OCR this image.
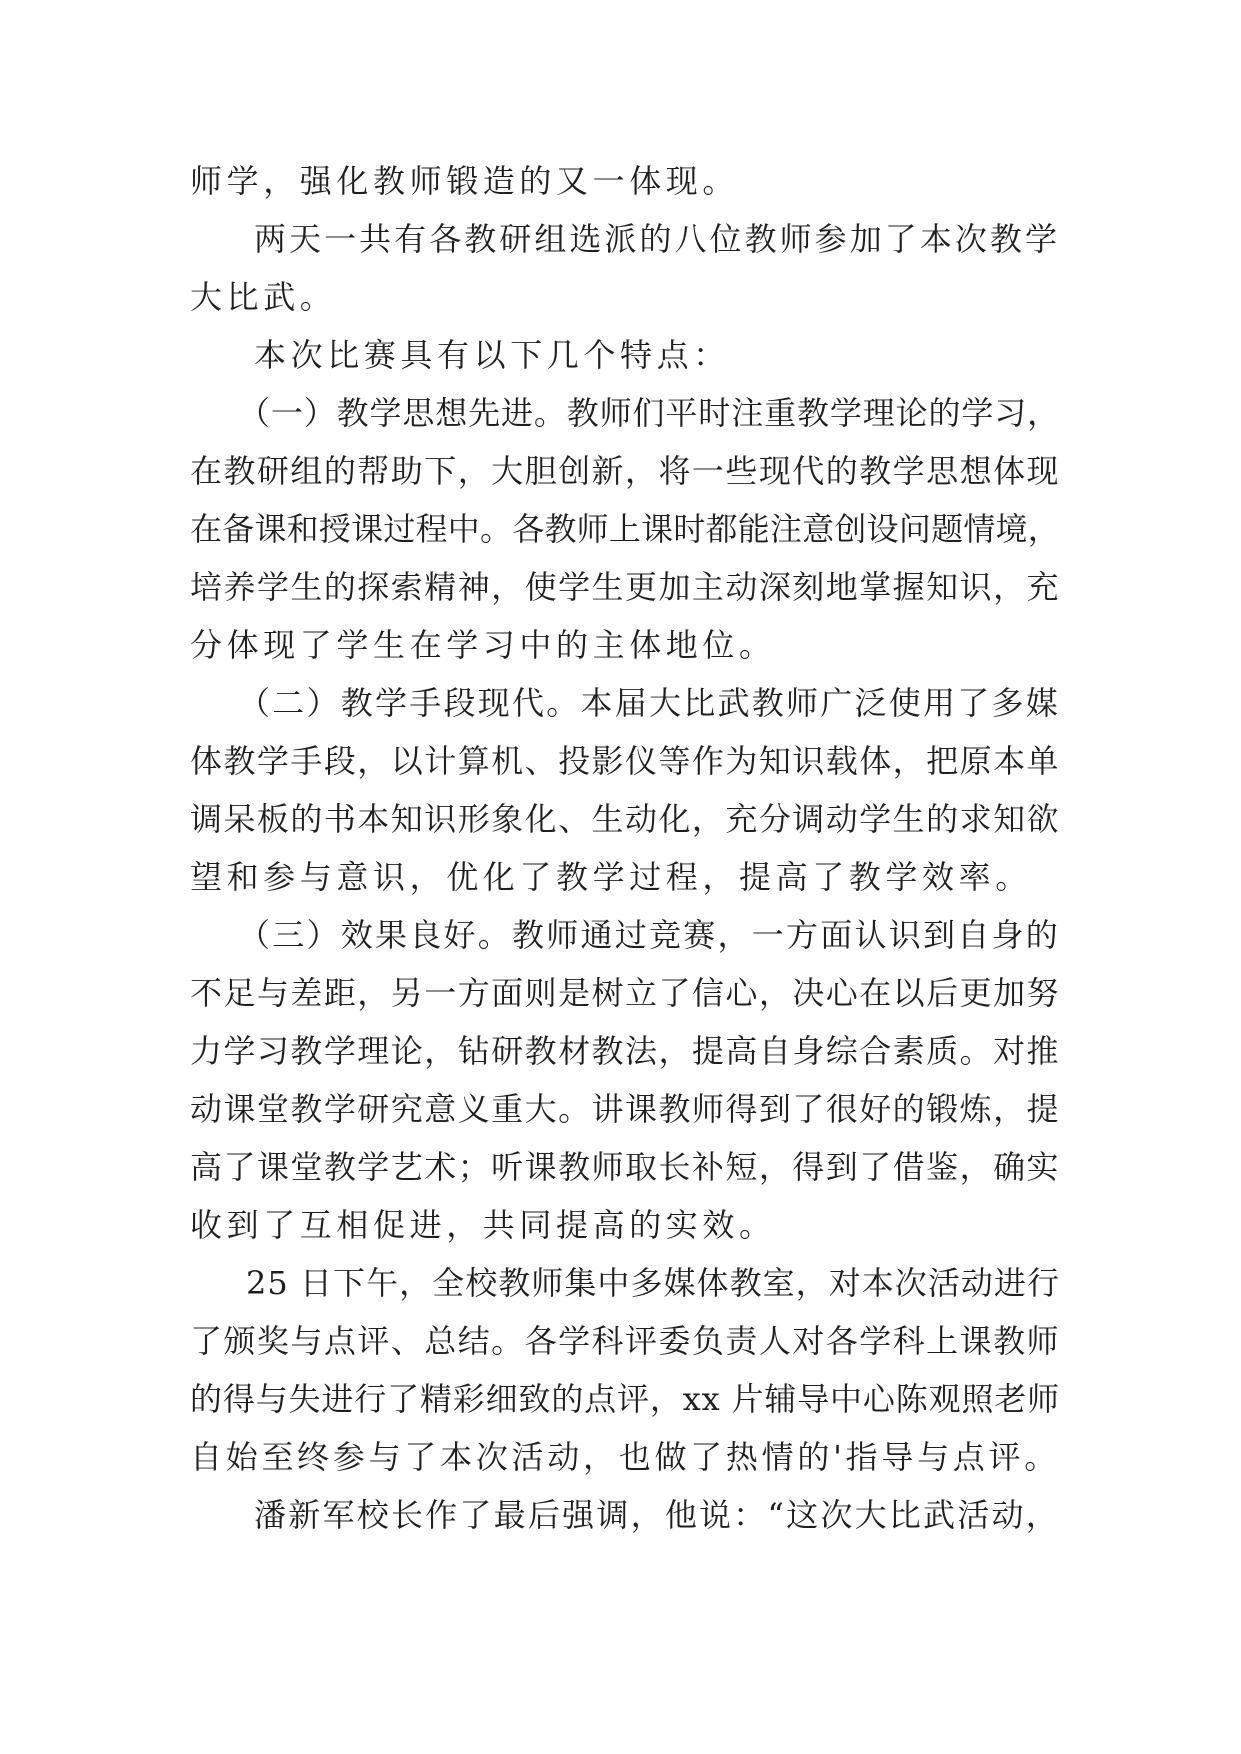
师学，强化教师锻造的又一体现。
两天一共有各教研组选派的八位教师参加了本次教学
大比武。
本次比赛具有以下几个特点：
（一）教学思想先进。教师们平时注重教学理论的学习，
在教研组的帮助下，大胆创新，将一些现代的教学思想体现
在备课和授课过程中。各教师上课时都能注意创设问题情境，
培养学生的探索精神，使学生更加主动深刻地掌握知识，充
分体现了学生在学习中的主体地位。
（二）教学手段现代。本届大比武教师广泛使用了多媒
体教学手段，以计算机、投影仪等作为知识载体，把原本单
调呆板的书本知识形象化、生动化，充分调动学生的求知欲
望和参与意识，优化了教学过程，提高了教学效率。
（三）效果良好。教师通过竞赛，一方面认识到自身的
不足与差距，另一方面则是树立了信心，决心在以后更加努
力学习教学理论，钻研教材教法，提高自身综合素质。对推
动课堂教学研究意义重大。讲课教师得到了很好的锻炼，提
高了课堂教学艺术；听课教师取长补短，得到了借鉴，确实
收到了互相促进，共同提高的实效。
25 日下午，全校教师集中多媒体教室，对本次活动进行
了颁奖与点评、总结。各学科评委负责人对各学科上课教师
的得与失进行了精彩细致的点评，xx 片辅导中心陈观照老师
自始至终参与了本次活动，也做了热情的'指导与点评。
潘新军校长作了最后强调，他说：“这次大比武活动，
